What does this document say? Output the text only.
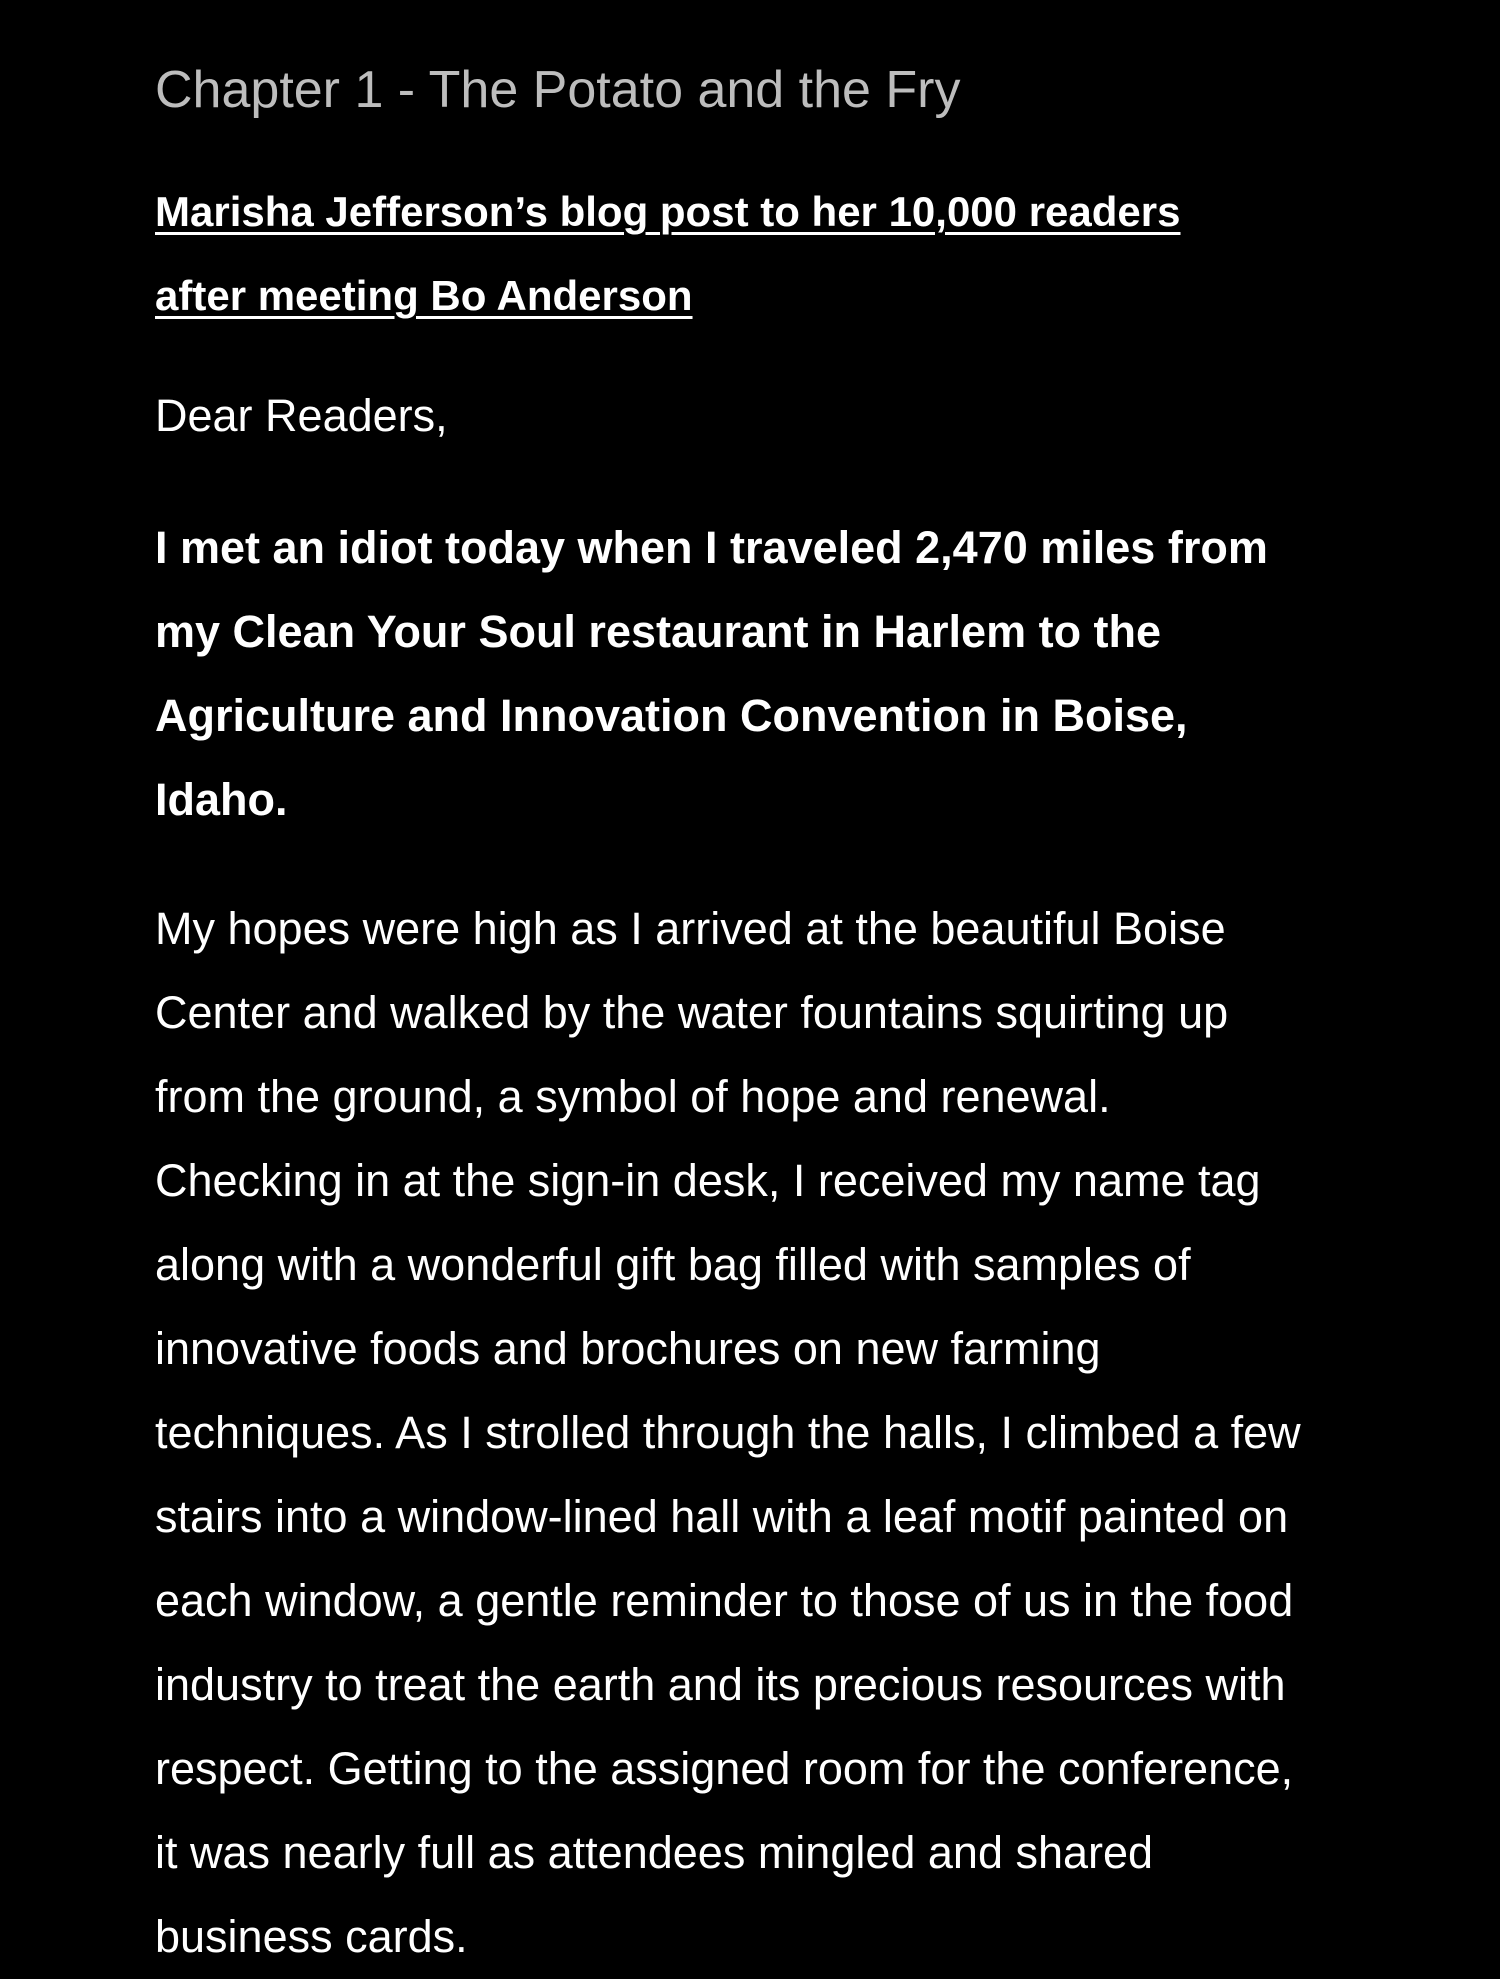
Chapter 1 - The Potato and the Fry
Marisha Jefferson’s blog post to her 10,000 readers
after meeting Bo Anderson

Dear Readers,

I met an idiot today when I traveled 2,470 miles from
my Clean Your Soul restaurant in Harlem to the
Agriculture and Innovation Convention in Boise,
Idaho.

My hopes were high as I arrived at the beautiful Boise
Center and walked by the water fountains squirting up
from the ground, a symbol of hope and renewal.
Checking in at the sign-in desk, I received my name tag
along with a wonderful gift bag filled with samples of
innovative foods and brochures on new farming
techniques. As I strolled through the halls, I climbed a few
stairs into a window-lined hall with a leaf motif painted on
each window, a gentle reminder to those of us in the food
industry to treat the earth and its precious resources with
respect. Getting to the assigned room for the conference,
it was nearly full as attendees mingled and shared
business cards.
